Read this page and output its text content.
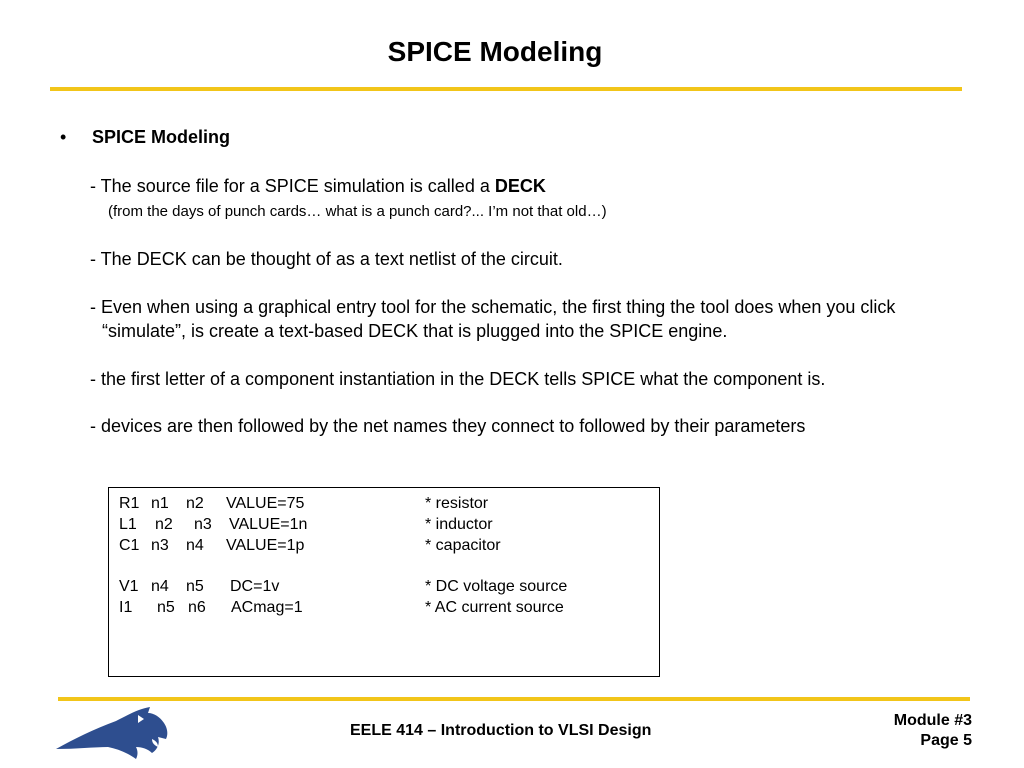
SPICE Modeling
• SPICE Modeling
- The source file for a SPICE simulation is called a DECK
(from the days of punch cards… what is a punch card?... I’m not that old…)
- The DECK can be thought of as a text netlist of the circuit.
- Even when using a graphical entry tool for the schematic, the first thing the tool does when you click
“simulate”, is create a text-based DECK that is plugged into the SPICE engine.
- the first letter of a component instantiation in the DECK tells SPICE what the component is.
- devices are then followed by the net names they connect to followed by their parameters
R1 n1 n2 VALUE=75	* resistor
L1 n2 n3 VALUE=1n	* inductor
C1 n3 n4 VALUE=1p	* capacitor
V1 n4 n5 DC=1v	* DC voltage source
I1 n5 n6 ACmag=1	* AC current source
EELE 414 – Introduction to VLSI Design
Module #3
Page 5
